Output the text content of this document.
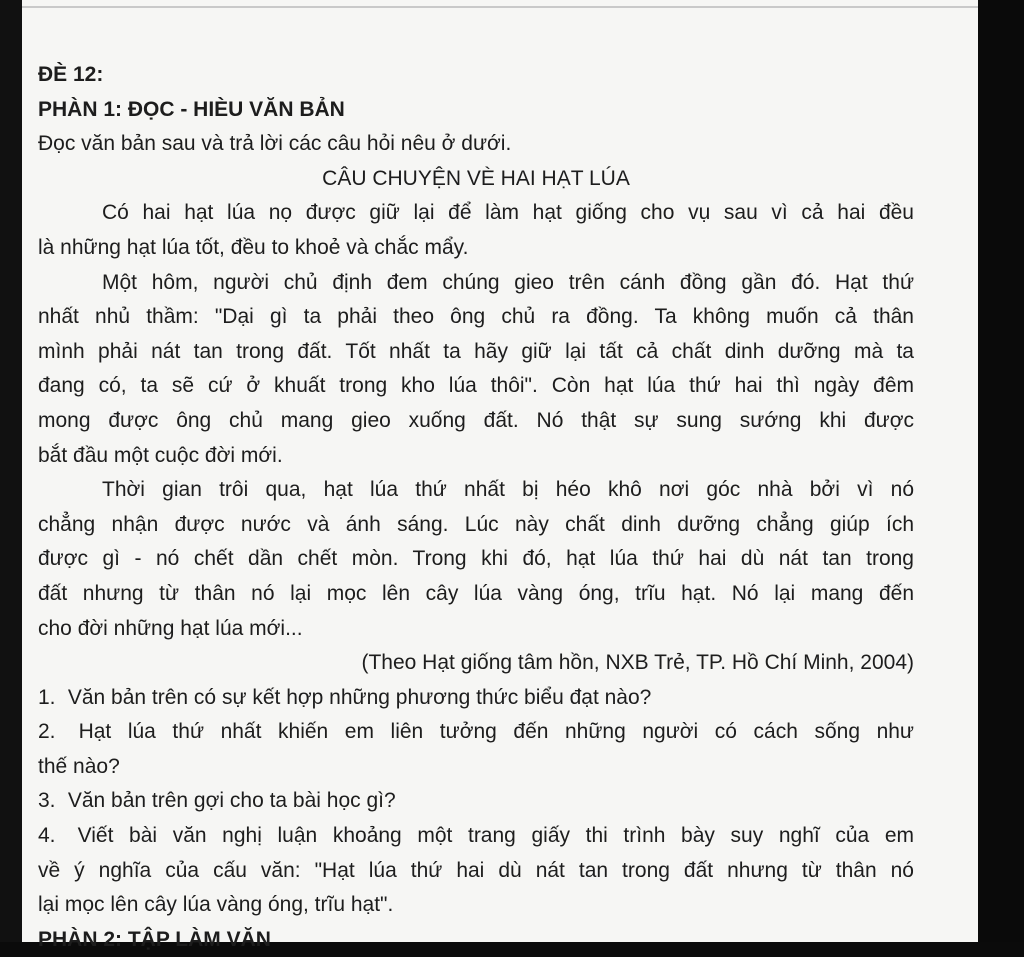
ĐÈ 12:
PHÀN 1: ĐỌC - HIÈU VĂN BẢN
Đọc văn bản sau và trả lời các câu hỏi nêu ở dưới.
CÂU CHUYỆN VÈ HAI HẠT LÚA
Có hai hạt lúa nọ được giữ lại để làm hạt giống cho vụ sau vì cả hai đều
là những hạt lúa tốt, đều to khoẻ và chắc mẩy.
Một hôm, người chủ định đem chúng gieo trên cánh đồng gần đó. Hạt thứ
nhất nhủ thầm: "Dại gì ta phải theo ông chủ ra đồng. Ta không muốn cả thân
mình phải nát tan trong đất. Tốt nhất ta hãy giữ lại tất cả chất dinh dưỡng mà ta
đang có, ta sẽ cứ ở khuất trong kho lúa thôi". Còn hạt lúa thứ hai thì ngày đêm
mong được ông chủ mang gieo xuống đất. Nó thật sự sung sướng khi được
bắt đầu một cuộc đời mới.
Thời gian trôi qua, hạt lúa thứ nhất bị héo khô nơi góc nhà bởi vì nó
chẳng nhận được nước và ánh sáng. Lúc này chất dinh dưỡng chẳng giúp ích
được gì - nó chết dần chết mòn. Trong khi đó, hạt lúa thứ hai dù nát tan trong
đất nhưng từ thân nó lại mọc lên cây lúa vàng óng, trĩu hạt. Nó lại mang đến
cho đời những hạt lúa mới...
(Theo Hạt giống tâm hồn, NXB Trẻ, TP. Hồ Chí Minh, 2004)
1. Văn bản trên có sự kết hợp những phương thức biểu đạt nào?
2. Hạt lúa thứ nhất khiến em liên tưởng đến những người có cách sống như
thế nào?
3. Văn bản trên gợi cho ta bài học gì?
4. Viết bài văn nghị luận khoảng một trang giấy thi trình bày suy nghĩ của em
về ý nghĩa của cấu văn: "Hạt lúa thứ hai dù nát tan trong đất nhưng từ thân nó
lại mọc lên cây lúa vàng óng, trĩu hạt".
PHÀN 2: TẬP LÀM VĂN
